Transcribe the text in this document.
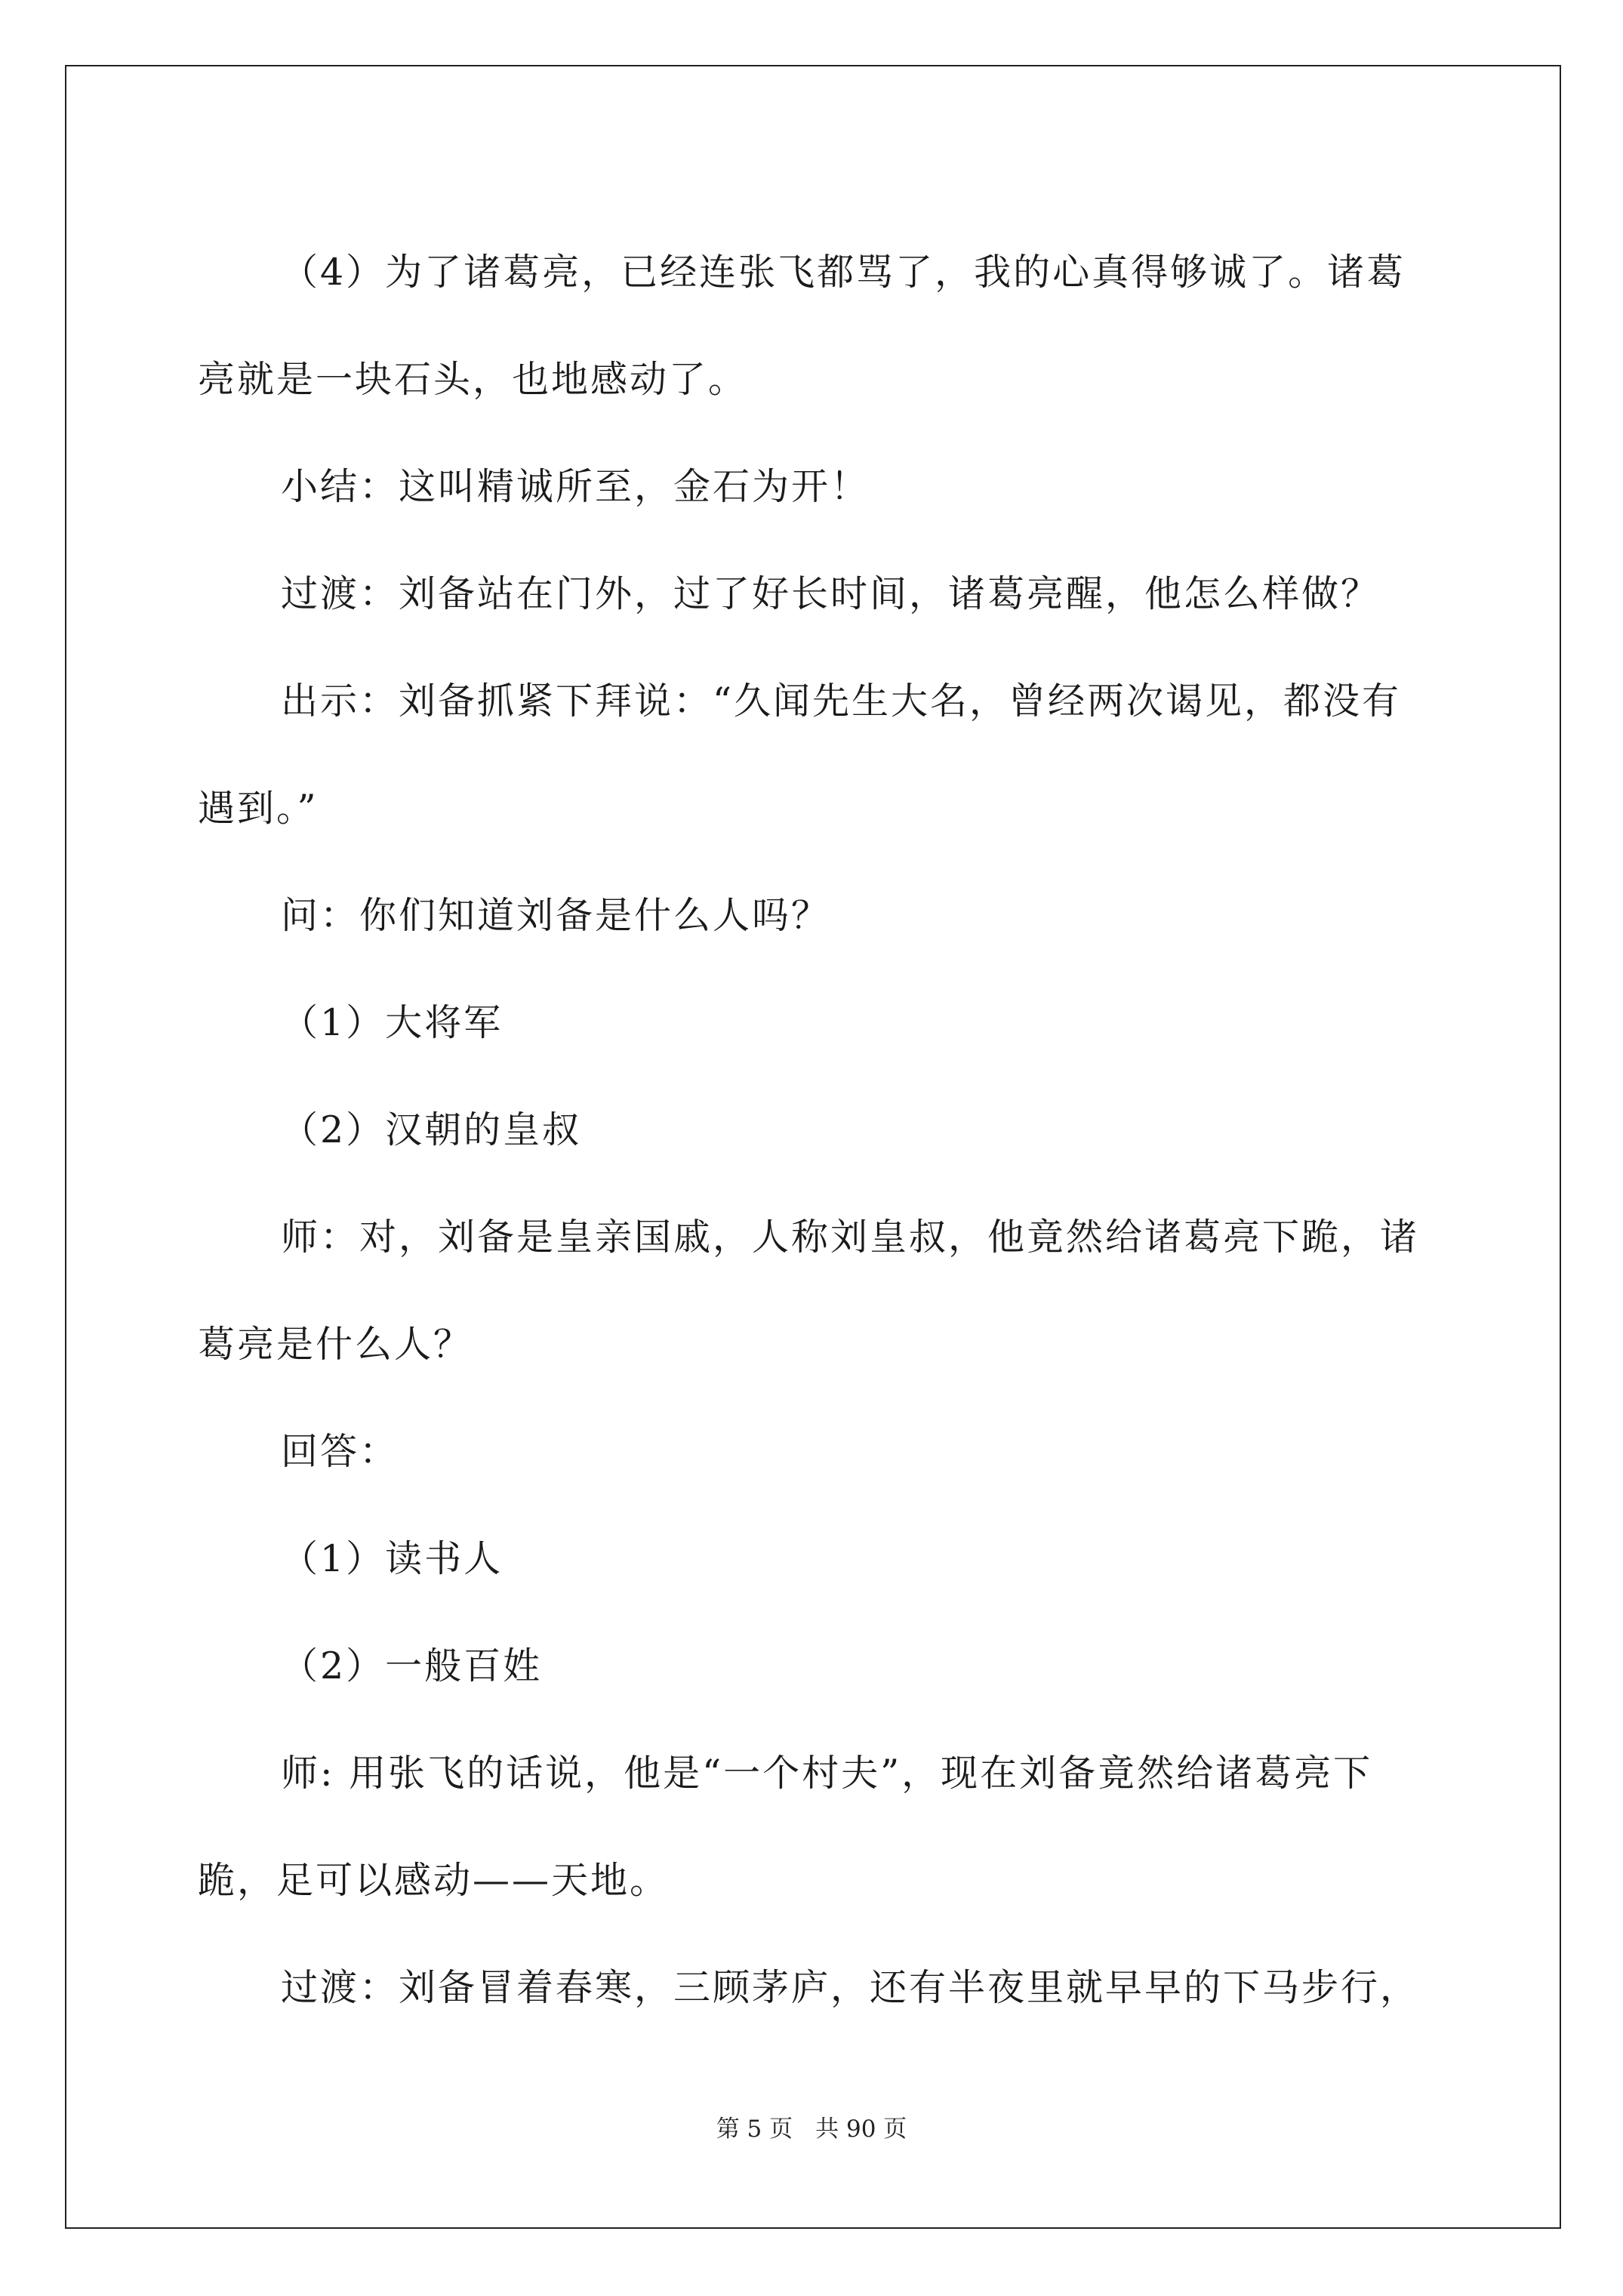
（4）为了诸葛亮，已经连张飞都骂了，我的心真得够诚了。诸葛亮就是一块石头，也地感动了。

小结：这叫精诚所至，金石为开！

过渡：刘备站在门外，过了好长时间，诸葛亮醒，他怎么样做？

出示：刘备抓紧下拜说：“久闻先生大名，曾经两次谒见，都没有遇到。”

问：你们知道刘备是什么人吗？

（1）大将军

（2）汉朝的皇叔

师：对，刘备是皇亲国戚，人称刘皇叔，他竟然给诸葛亮下跪，诸葛亮是什么人？

回答：

（1）读书人

（2）一般百姓

师: 用张飞的话说，他是“一个村夫”，现在刘备竟然给诸葛亮下跪，足可以感动——天地。

过渡：刘备冒着春寒，三顾茅庐，还有半夜里就早早的下马步行，

第 5 页 共 90 页
